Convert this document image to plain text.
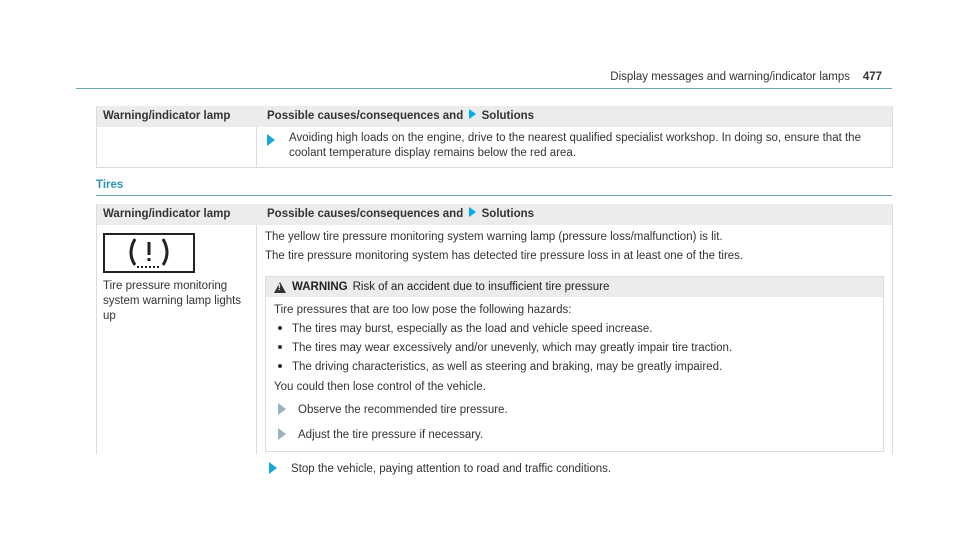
Display messages and warning/indicator lamps 477
Warning/indicator lamp	Possible causes/consequences and Solutions
Avoiding high loads on the engine, drive to the nearest qualified specialist workshop. In doing so, ensure that the
coolant temperature display remains below the red area.
Tires
Warning/indicator lamp	Possible causes/consequences and Solutions
Tire pressure monitoring
system warning lamp lights
up
The yellow tire pressure monitoring system warning lamp (pressure loss/malfunction) is lit.
The tire pressure monitoring system has detected tire pressure loss in at least one of the tires.
!
WARNING Risk of an accident due to insufficient tire pressure
Tire pressures that are too low pose the following hazards:
The tires may burst, especially as the load and vehicle speed increase.
The tires may wear excessively and/or unevenly, which may greatly impair tire traction.
The driving characteristics, as well as steering and braking, may be greatly impaired.
You could then lose control of the vehicle.
Observe the recommended tire pressure.
Adjust the tire pressure if necessary.
Stop the vehicle, paying attention to road and traffic conditions.
